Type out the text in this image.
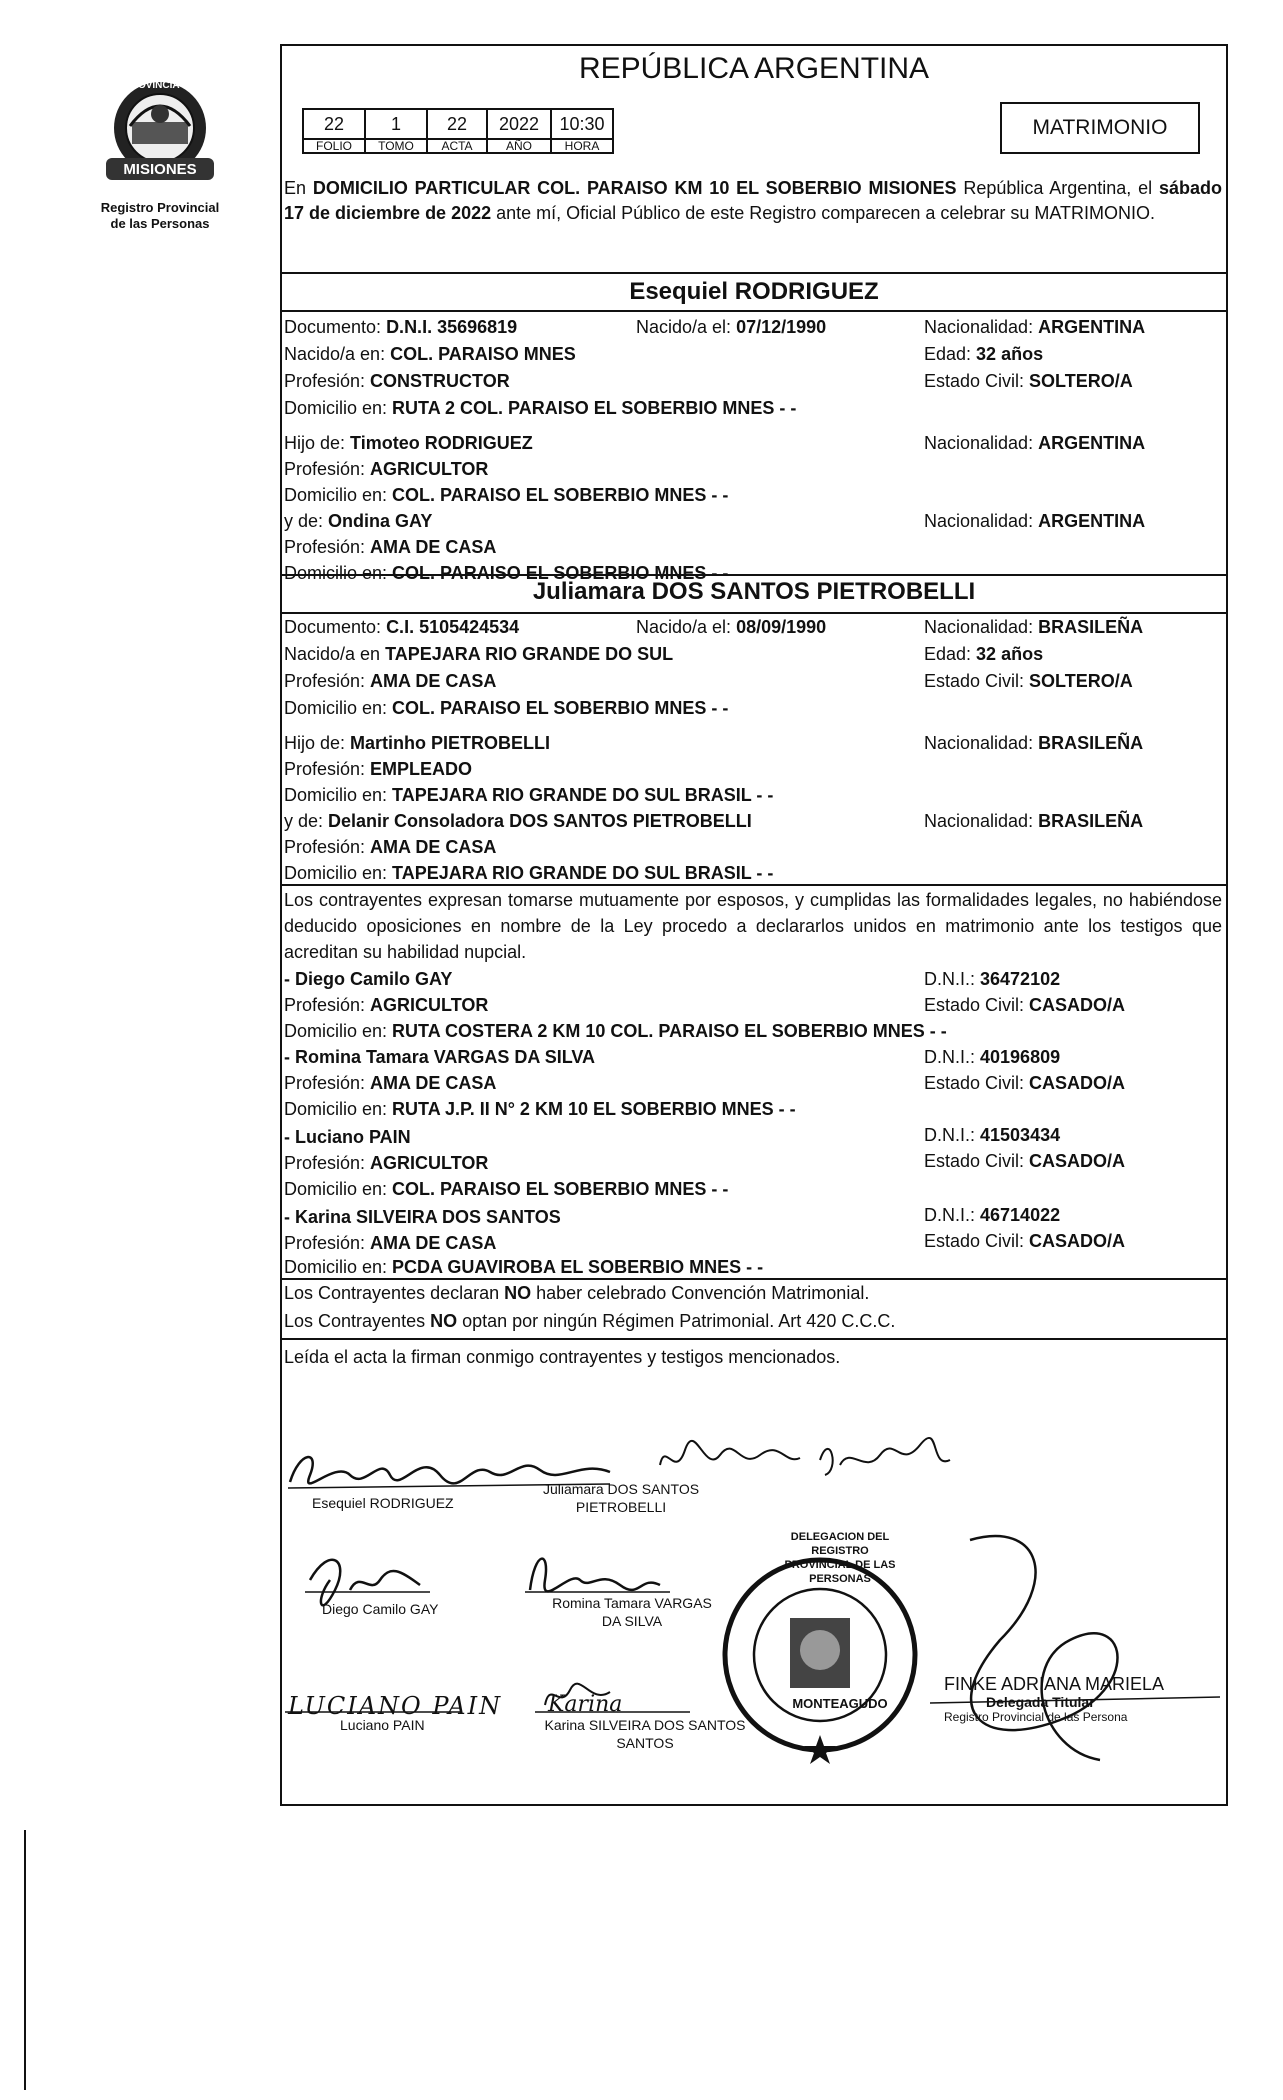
MISIONES
PROVINCIA DE
Registro Provincial
de las Personas
REPÚBLICA ARGENTINA
22	1	22	2022	10:30
FOLIO	TOMO	ACTA	AÑO	HORA
MATRIMONIO
En DOMICILIO PARTICULAR COL. PARAISO KM 10 EL SOBERBIO MISIONES República Argentina, el sábado 17 de diciembre de 2022 ante mí, Oficial Público de este Registro comparecen a celebrar su MATRIMONIO.
Esequiel RODRIGUEZ
Documento: D.N.I. 35696819	Nacido/a el: 07/12/1990	Nacionalidad: ARGENTINA
Nacido/a en: COL. PARAISO MNES	Edad: 32 años
Profesión: CONSTRUCTOR	Estado Civil: SOLTERO/A
Domicilio en: RUTA 2 COL. PARAISO EL SOBERBIO MNES - -
Hijo de: Timoteo RODRIGUEZ	Nacionalidad: ARGENTINA
Profesión: AGRICULTOR
Domicilio en: COL. PARAISO EL SOBERBIO MNES - -
y de: Ondina GAY	Nacionalidad: ARGENTINA
Profesión: AMA DE CASA
Domicilio en: COL. PARAISO EL SOBERBIO MNES - -
Juliamara DOS SANTOS PIETROBELLI
Documento: C.I. 5105424534	Nacido/a el: 08/09/1990	Nacionalidad: BRASILEÑA
Nacido/a en TAPEJARA RIO GRANDE DO SUL	Edad: 32 años
Profesión: AMA DE CASA	Estado Civil: SOLTERO/A
Domicilio en: COL. PARAISO EL SOBERBIO MNES - -
Hijo de: Martinho PIETROBELLI	Nacionalidad: BRASILEÑA
Profesión: EMPLEADO
Domicilio en: TAPEJARA RIO GRANDE DO SUL BRASIL - -
y de: Delanir Consoladora DOS SANTOS PIETROBELLI	Nacionalidad: BRASILEÑA
Profesión: AMA DE CASA
Domicilio en: TAPEJARA RIO GRANDE DO SUL BRASIL - -
Los contrayentes expresan tomarse mutuamente por esposos, y cumplidas las formalidades legales, no habiéndose deducido oposiciones en nombre de la Ley procedo a declararlos unidos en matrimonio ante los testigos que acreditan su habilidad nupcial.
- Diego Camilo GAY	D.N.I.: 36472102
Profesión: AGRICULTOR	Estado Civil: CASADO/A
Domicilio en: RUTA COSTERA 2 KM 10 COL. PARAISO EL SOBERBIO MNES - -
- Romina Tamara VARGAS DA SILVA	D.N.I.: 40196809
Profesión: AMA DE CASA	Estado Civil: CASADO/A
Domicilio en: RUTA J.P. II N° 2 KM 10 EL SOBERBIO MNES - -
- Luciano PAIN	D.N.I.: 41503434
Profesión: AGRICULTOR	Estado Civil: CASADO/A
Domicilio en: COL. PARAISO EL SOBERBIO MNES - -
- Karina SILVEIRA DOS SANTOS	D.N.I.: 46714022
Profesión: AMA DE CASA	Estado Civil: CASADO/A
Domicilio en: PCDA GUAVIROBA EL SOBERBIO MNES - -
Los Contrayentes declaran NO haber celebrado Convención Matrimonial.
Los Contrayentes NO optan por ningún Régimen Patrimonial. Art 420 C.C.C.
Leída el acta la firman conmigo contrayentes y testigos mencionados.
LUCIANO PAIN Karina
Esequiel RODRIGUEZ
Juliamara DOS SANTOS
PIETROBELLI
Diego Camilo GAY	Romina Tamara VARGAS
DA SILVA
Luciano PAIN	Karina SILVEIRA DOS SANTOS
SANTOS
DELEGACION DEL REGISTRO PROVINCIAL DE LAS PERSONAS
MONTEAGUDO
FINKE ADRIANA MARIELA
Delegada Titular
Registro Provincial de las Persona
